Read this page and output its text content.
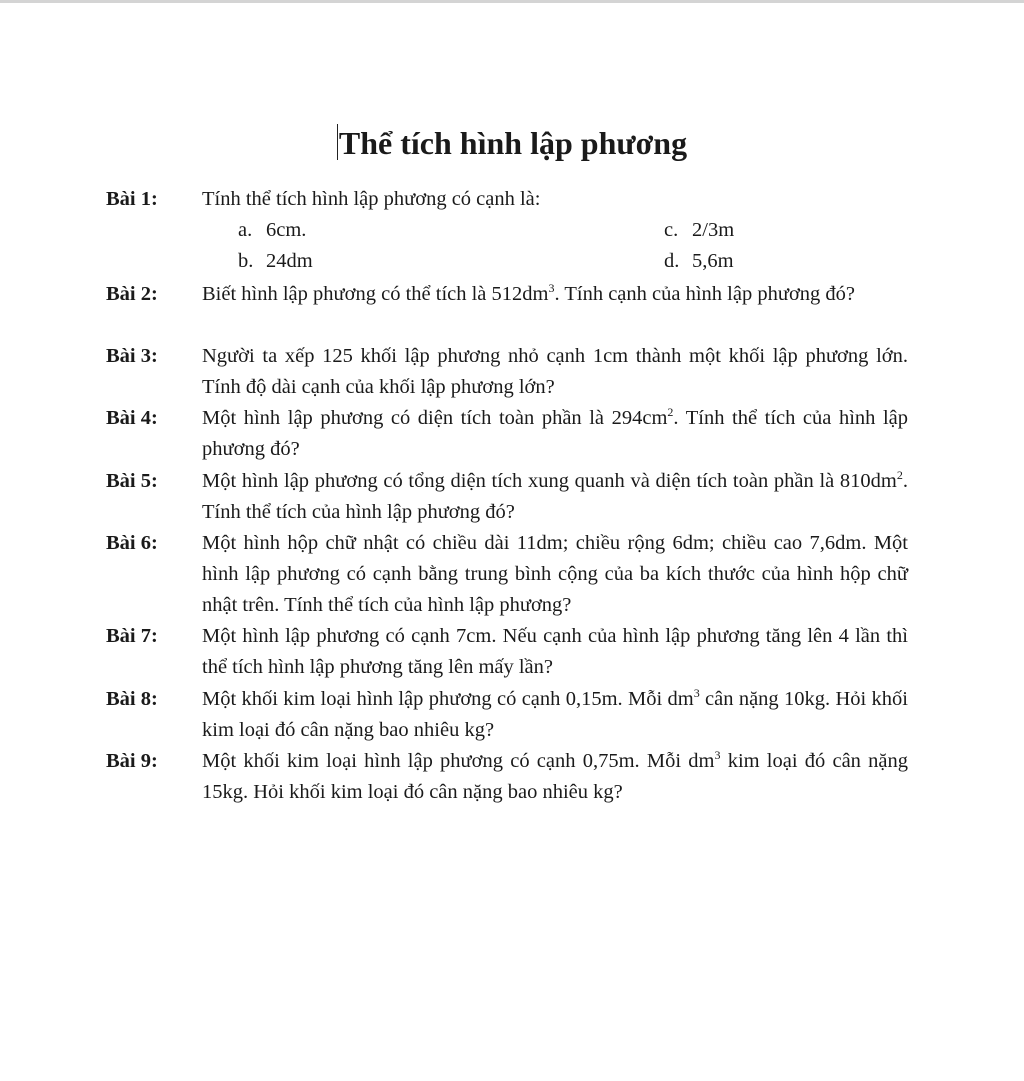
Thể tích hình lập phương
Bài 1:	Tính thể tích hình lập phương có cạnh là:
a. 6cm.	c. 2/3m
b. 24dm	d. 5,6m
Bài 2:	Biết hình lập phương có thể tích là $512dm^3$. Tính cạnh của hình lập phương đó?
Bài 3:	Người ta xếp 125 khối lập phương nhỏ cạnh 1cm thành một khối lập phương lớn. Tính độ dài cạnh của khối lập phương lớn?
Bài 4:	Một hình lập phương có diện tích toàn phần là $294cm^2$. Tính thể tích của hình lập phương đó?
Bài 5:	Một hình lập phương có tổng diện tích xung quanh và diện tích toàn phần là $810dm^2$. Tính thể tích của hình lập phương đó?
Bài 6:	Một hình hộp chữ nhật có chiều dài 11dm; chiều rộng 6dm; chiều cao 7,6dm. Một hình lập phương có cạnh bằng trung bình cộng của ba kích thước của hình hộp chữ nhật trên. Tính thể tích của hình lập phương?
Bài 7:	Một hình lập phương có cạnh 7cm. Nếu cạnh của hình lập phương tăng lên 4 lần thì thể tích hình lập phương tăng lên mấy lần?
Bài 8:	Một khối kim loại hình lập phương có cạnh 0,15m. Mỗi $dm^3$ cân nặng 10kg. Hỏi khối kim loại đó cân nặng bao nhiêu kg?
Bài 9:	Một khối kim loại hình lập phương có cạnh 0,75m. Mỗi $dm^3$ kim loại đó cân nặng 15kg. Hỏi khối kim loại đó cân nặng bao nhiêu kg?
